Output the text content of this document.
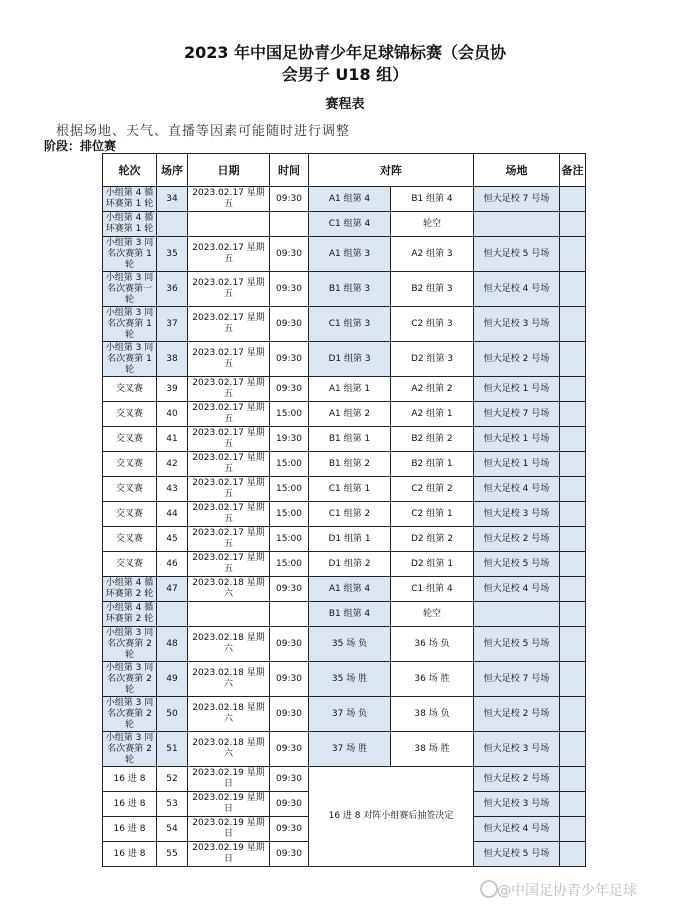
2023 年中国足协青少年足球锦标赛（会员协
会男子 U18 组）
赛程表
根据场地、天气、直播等因素可能随时进行调整
阶段：排位赛
轮次	场序	日期	时间	对阵		场地	备注
小组第 4 循环赛第 1 轮	34	2023.02.17 星期五	09:30	A1 组第 4	B1 组第 4	恒大足校 7 号场	
小组第 4 循环赛第 1 轮				C1 组第 4	轮空		
小组第 3 同名次赛第 1 轮	35	2023.02.17 星期五	09:30	A1 组第 3	A2 组第 3	恒大足校 5 号场	
小组第 3 同名次赛第一轮	36	2023.02.17 星期五	09:30	B1 组第 3	B2 组第 3	恒大足校 4 号场	
小组第 3 同名次赛第 1 轮	37	2023.02.17 星期五	09:30	C1 组第 3	C2 组第 3	恒大足校 3 号场	
小组第 3 同名次赛第 1 轮	38	2023.02.17 星期五	09:30	D1 组第 3	D2 组第 3	恒大足校 2 号场	
交叉赛	39	2023.02.17 星期五	09:30	A1 组第 1	A2 组第 2	恒大足校 1 号场	
交叉赛	40	2023.02.17 星期五	15:00	A1 组第 2	A2 组第 1	恒大足校 7 号场	
交叉赛	41	2023.02.17 星期五	19:30	B1 组第 1	B2 组第 2	恒大足校 1 号场	
交叉赛	42	2023.02.17 星期五	15:00	B1 组第 2	B2 组第 1	恒大足校 1 号场	
交叉赛	43	2023.02.17 星期五	15:00	C1 组第 1	C2 组第 2	恒大足校 4 号场	
交叉赛	44	2023.02.17 星期五	15:00	C1 组第 2	C2 组第 1	恒大足校 3 号场	
交叉赛	45	2023.02.17 星期五	15:00	D1 组第 1	D2 组第 2	恒大足校 2 号场	
交叉赛	46	2023.02.17 星期五	15:00	D1 组第 2	D2 组第 1	恒大足校 5 号场	
小组第 4 循环赛第 2 轮	47	2023.02.18 星期六	09:30	A1 组第 4	C1 组第 4	恒大足校 4 号场	
小组第 4 循环赛第 2 轮				B1 组第 4	轮空		
小组第 3 同名次赛第 2 轮	48	2023.02.18 星期六	09:30	35 场 负	36 场 负	恒大足校 5 号场	
小组第 3 同名次赛第 2 轮	49	2023.02.18 星期六	09:30	35 场 胜	36 场 胜	恒大足校 7 号场	
小组第 3 同名次赛第 2 轮	50	2023.02.18 星期六	09:30	37 场 负	38 场 负	恒大足校 2 号场	
小组第 3 同名次赛第 2 轮	51	2023.02.18 星期六	09:30	37 场 胜	38 场 胜	恒大足校 3 号场	
16 进 8	52	2023.02.19 星期日	09:30	16 进 8 对阵小组赛后抽签决定		恒大足校 2 号场	
16 进 8	53	2023.02.19 星期日	09:30			恒大足校 3 号场	
16 进 8	54	2023.02.19 星期日	09:30			恒大足校 4 号场	
16 进 8	55	2023.02.19 星期日	09:30			恒大足校 5 号场	
@中国足协青少年足球
